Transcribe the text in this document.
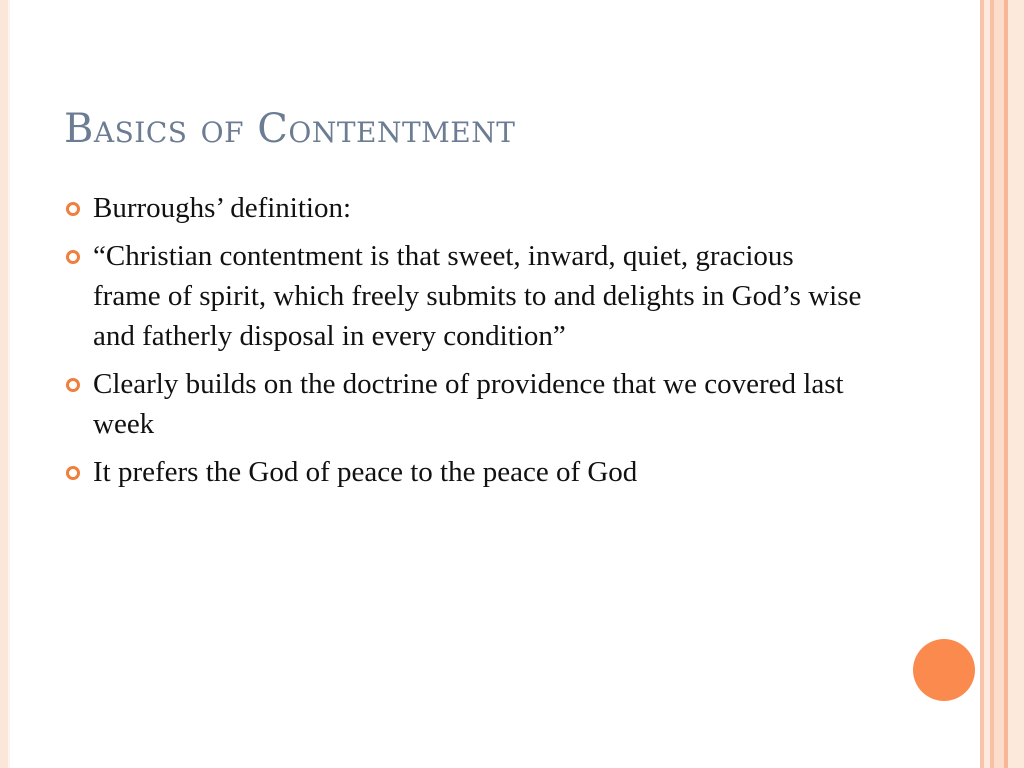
Basics of Contentment
Burroughs’ definition:
“Christian contentment is that sweet, inward, quiet, gracious frame of spirit, which freely submits to and delights in God’s wise and fatherly disposal in every condition”
Clearly builds on the doctrine of providence that we covered last week
It prefers the God of peace to the peace of God
